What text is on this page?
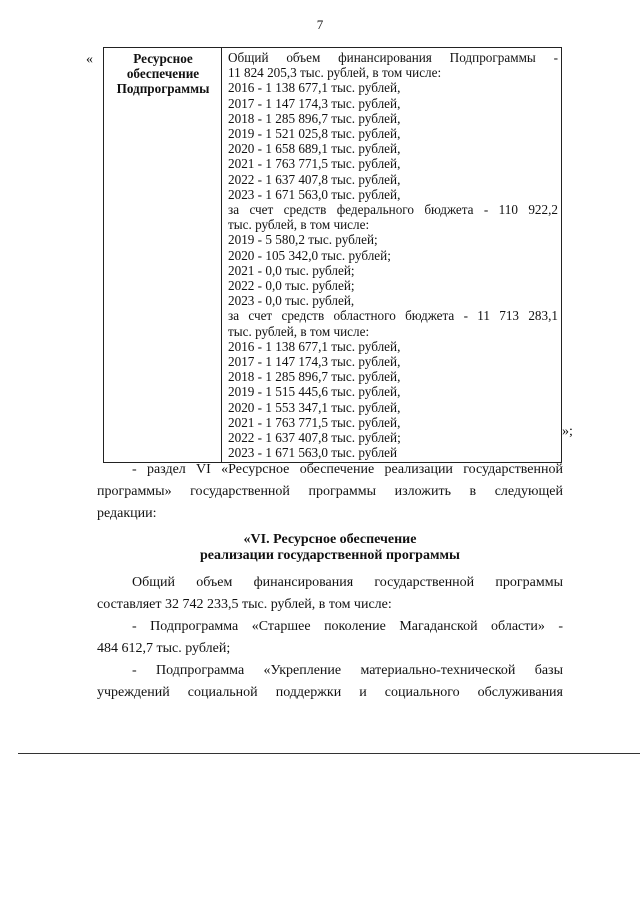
7
«	Ресурсное
обеспечение
Подпрограммы

Общий объем финансирования Подпрограммы -
11 824 205,3 тыс. рублей, в том числе:
2016 - 1 138 677,1 тыс. рублей,
2017 - 1 147 174,3 тыс. рублей,
2018 - 1 285 896,7 тыс. рублей,
2019 - 1 521 025,8 тыс. рублей,
2020 - 1 658 689,1 тыс. рублей,
2021 - 1 763 771,5 тыс. рублей,
2022 - 1 637 407,8 тыс. рублей,
2023 - 1 671 563,0 тыс. рублей,
за счет средств федерального бюджета - 110 922,2
тыс. рублей, в том числе:
2019 - 5 580,2 тыс. рублей;
2020 - 105 342,0 тыс. рублей;
2021 - 0,0 тыс. рублей;
2022 - 0,0 тыс. рублей;
2023 - 0,0 тыс. рублей,
за счет средств областного бюджета - 11 713 283,1
тыс. рублей, в том числе:
2016 - 1 138 677,1 тыс. рублей,
2017 - 1 147 174,3 тыс. рублей,
2018 - 1 285 896,7 тыс. рублей,
2019 - 1 515 445,6 тыс. рублей,
2020 - 1 553 347,1 тыс. рублей,
2021 - 1 763 771,5 тыс. рублей,
2022 - 1 637 407,8 тыс. рублей;
2023 - 1 671 563,0 тыс. рублей
»;
- раздел VI «Ресурсное обеспечение реализации государственной
программы» государственной программы изложить в следующей
редакции:
«VI. Ресурсное обеспечение
реализации государственной программы
Общий объем финансирования государственной программы
составляет 32 742 233,5 тыс. рублей, в том числе:
- Подпрограмма «Старшее поколение Магаданской области» -
484 612,7 тыс. рублей;
- Подпрограмма «Укрепление материально-технической базы
учреждений социальной поддержки и социального обслуживания
